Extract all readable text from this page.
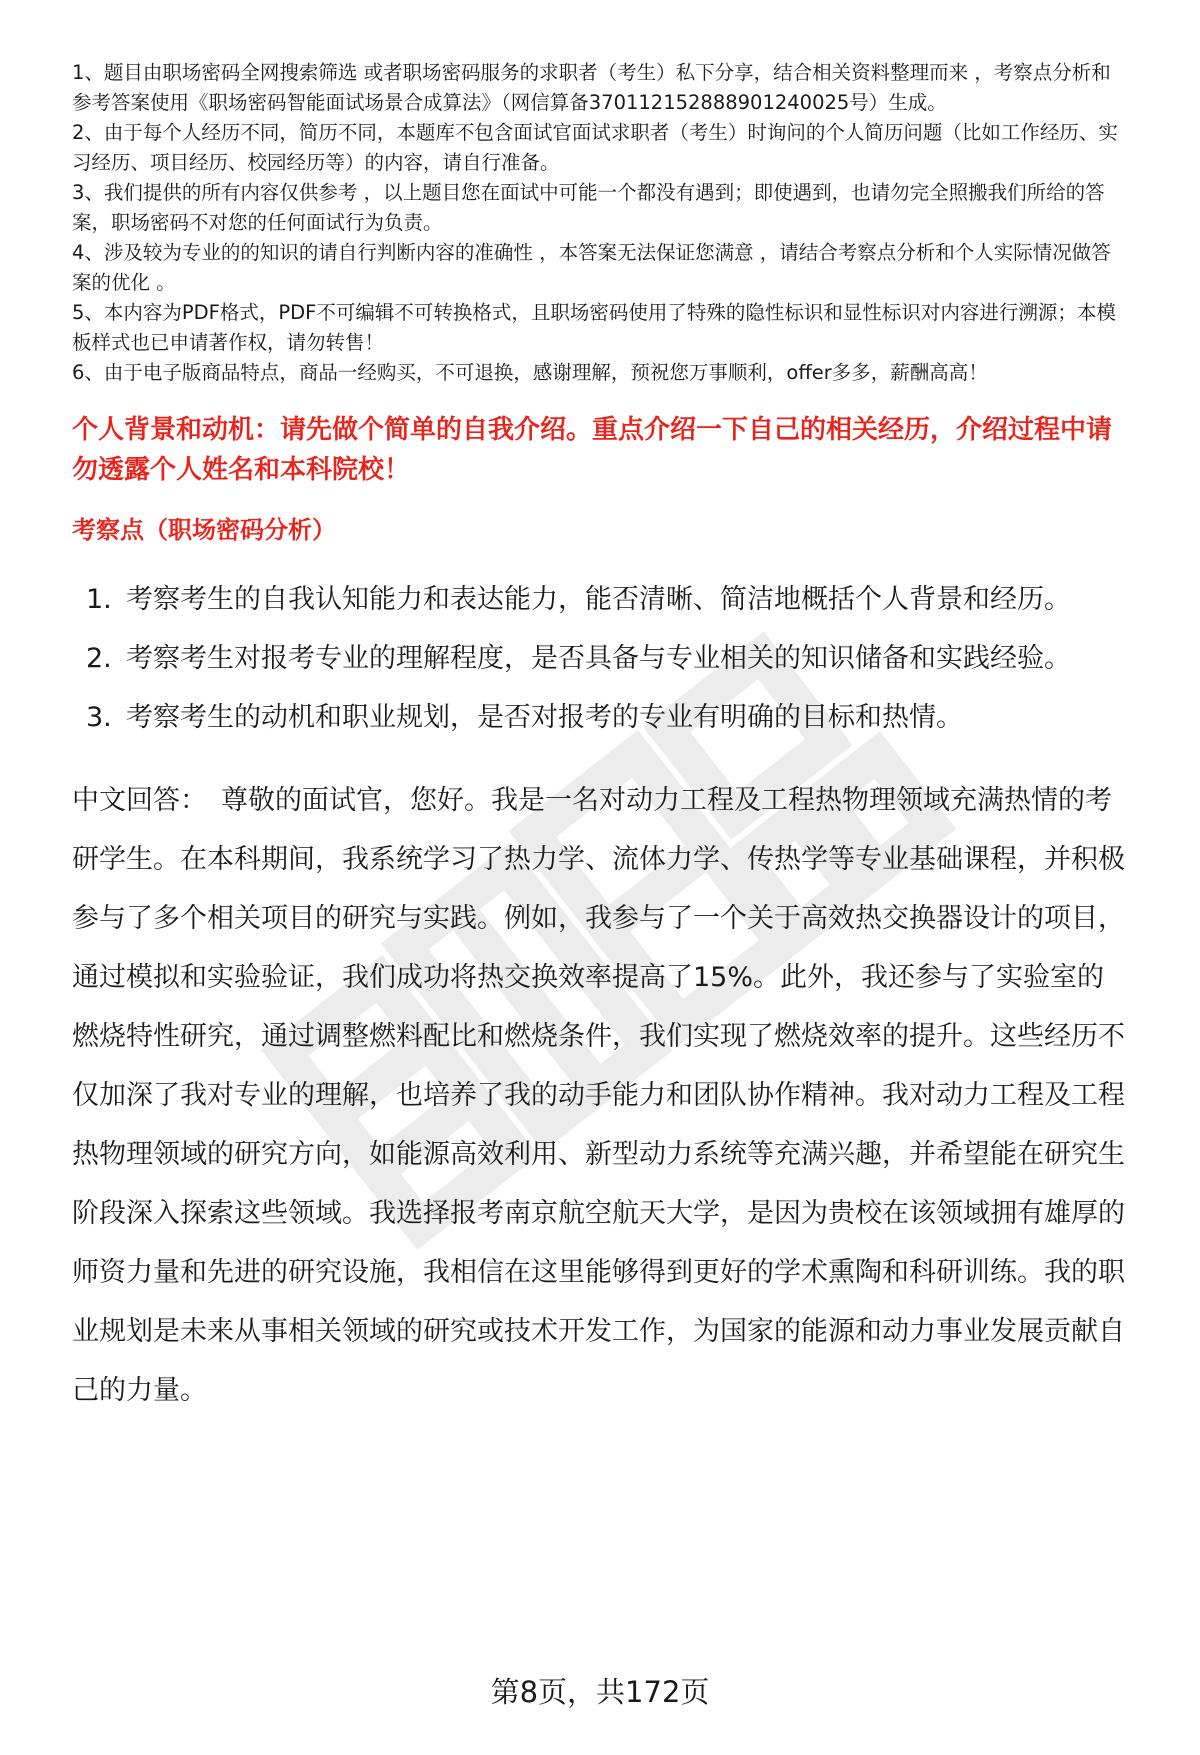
1、题目由职场密码全网搜索筛选 或者职场密码服务的求职者（考生）私下分享，结合相关资料整理而来 ，考察点分析和参考答案使用《职场密码智能面试场景合成算法》（网信算备370112152888901240025号）生成。
2、由于每个人经历不同，简历不同，本题库不包含面试官面试求职者（考生）时询问的个人简历问题（比如工作经历、实习经历、项目经历、校园经历等）的内容，请自行准备。
3、我们提供的所有内容仅供参考 ，以上题目您在面试中可能一个都没有遇到；即使遇到，也请勿完全照搬我们所给的答案，职场密码不对您的任何面试行为负责。
4、涉及较为专业的的知识的请自行判断内容的准确性 ，本答案无法保证您满意 ，请结合考察点分析和个人实际情况做答案的优化 。
5、本内容为PDF格式，PDF不可编辑不可转换格式，且职场密码使用了特殊的隐性标识和显性标识对内容进行溯源；本模板样式也已申请著作权，请勿转售！
6、由于电子版商品特点，商品一经购买，不可退换，感谢理解，预祝您万事顺利，offer多多，薪酬高高！
个人背景和动机：请先做个简单的自我介绍。重点介绍一下自己的相关经历，介绍过程中请勿透露个人姓名和本科院校！
考察点（职场密码分析）
1. 考察考生的自我认知能力和表达能力，能否清晰、简洁地概括个人背景和经历。
2. 考察考生对报考专业的理解程度，是否具备与专业相关的知识储备和实践经验。
3. 考察考生的动机和职业规划，是否对报考的专业有明确的目标和热情。
中文回答： 尊敬的面试官，您好。我是一名对动力工程及工程热物理领域充满热情的考研学生。在本科期间，我系统学习了热力学、流体力学、传热学等专业基础课程，并积极参与了多个相关项目的研究与实践。例如，我参与了一个关于高效热交换器设计的项目，通过模拟和实验验证，我们成功将热交换效率提高了15%。此外，我还参与了实验室的燃烧特性研究，通过调整燃料配比和燃烧条件，我们实现了燃烧效率的提升。这些经历不仅加深了我对专业的理解，也培养了我的动手能力和团队协作精神。我对动力工程及工程热物理领域的研究方向，如能源高效利用、新型动力系统等充满兴趣，并希望能在研究生阶段深入探索这些领域。我选择报考南京航空航天大学，是因为贵校在该领域拥有雄厚的师资力量和先进的研究设施，我相信在这里能够得到更好的学术熏陶和科研训练。我的职业规划是未来从事相关领域的研究或技术开发工作，为国家的能源和动力事业发展贡献自己的力量。
第8页，共172页
